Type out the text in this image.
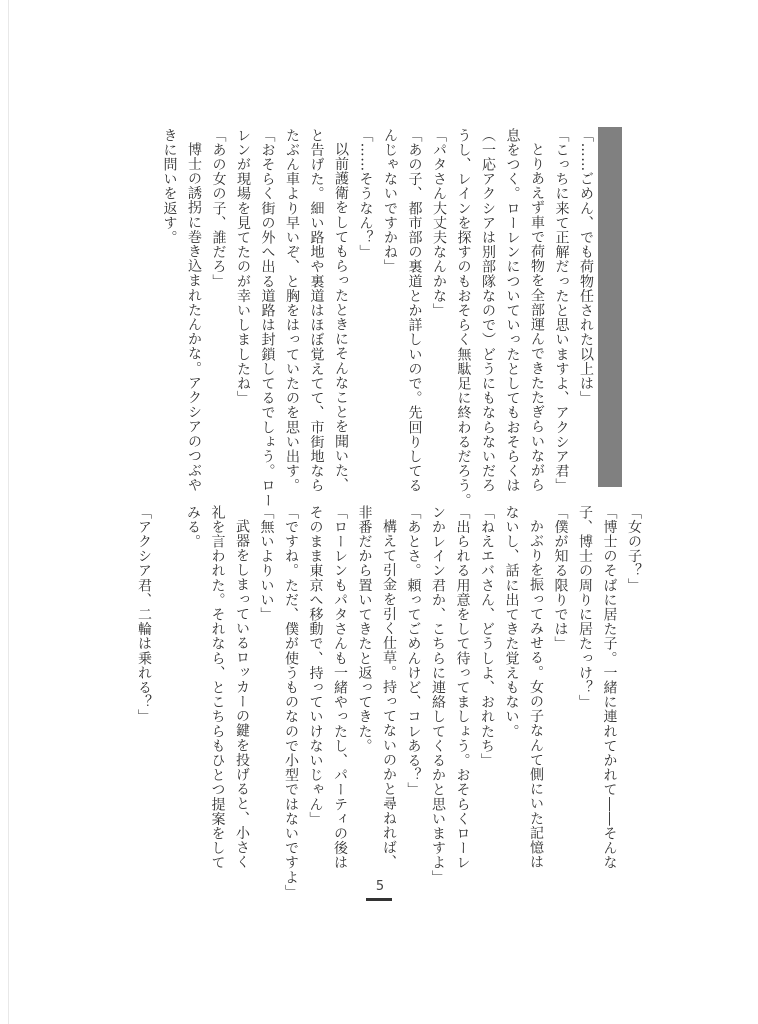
「……ごめん、でも荷物任された以上は」

「こっちに来て正解だったと思いますよ、アクシア君」

とりあえず車で荷物を全部運んできたたぎらいながら

息をつく。ローレンについていったとしてもおそらくは

（一応アクシアは別部隊なので）どうにもならないだろ

うし、レインを探すのもおそらく無駄足に終わるだろう。

「パタさん大丈夫なんかな」

「あの子、都市部の裏道とか詳しいので。先回りしてる

んじゃないですかね」

「……そうなん？」

以前護衛をしてもらったときにそんなことを聞いた、

と告げた。細い路地や裏道はほぼ覚えてて、市街地なら

たぶん車より早いぞ、と胸をはっていたのを思い出す。

「おそらく街の外へ出る道路は封鎖してるでしょう。ロー

レンが現場を見てたのが幸いしましたね」

「あの女の子、誰だろ」

博士の誘拐に巻き込まれたんかな。アクシアのつぶや

きに問いを返す。

「女の子？」

「博士のそばに居た子。一緒に連れてかれて――そんな

子、博士の周りに居たっけ？」

「僕が知る限りでは」

かぶりを振ってみせる。女の子なんて側にいた記憶は

ないし、話に出てきた覚えもない。

「ねえエバさん、どうしよ、おれたち」

「出られる用意をして待ってましょう。おそらくローレ

ンかレイン君か、こちらに連絡してくるかと思いますよ」

「あとさ。頼ってごめんけど、コレある？」

構えて引金を引く仕草。持ってないのかと尋ねれば、

非番だから置いてきたと返ってきた。

「ローレンもパタさんも一緒やったし、パーティの後は

そのまま東京へ移動で、持っていけないじゃん」

「ですね。ただ、僕が使うものなので小型ではないですよ」

「無いよりいい」

武器をしまっているロッカーの鍵を投げると、小さく

礼を言われた。それなら、とこちらもひとつ提案をして

みる。

「アクシア君、二輪は乗れる？」

5
